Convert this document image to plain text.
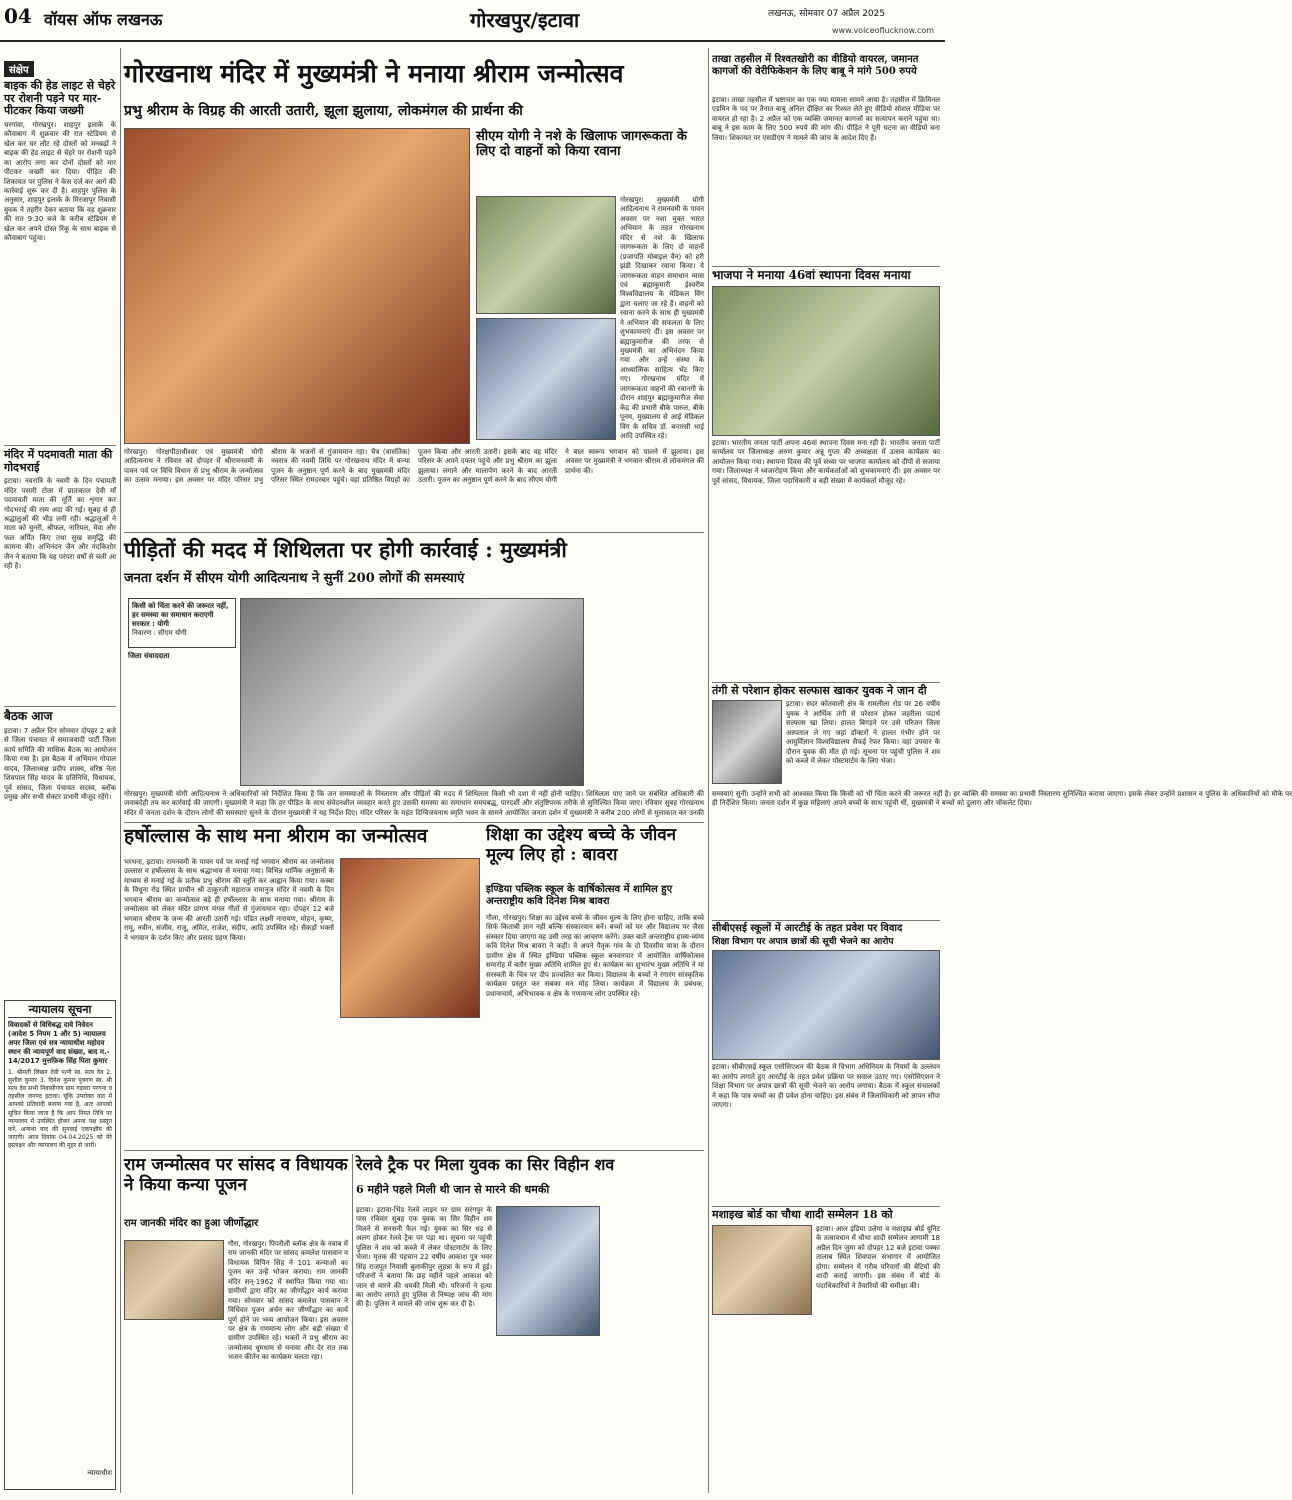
04 वॉयस ऑफ लखनऊ	गोरखपुर/इटावा	लखनऊ, सोमवार 07 अप्रैल 2025
www.voiceoflucknow.com
संक्षेप
बाइक की हेड लाइट से चेहरे पर रोशनी पड़ने पर मार-पीटकर किया जख्मी
चरगांवा, गोरखपुर। शाहपुर इलाके के कौवाबाग में शुक्रवार की रात स्टेडियम से खेल कर घर लौट रहे दोस्तों को मनबढ़ों ने बाइक की हेड लाइट से चेहरे पर रोशनी पड़ने का आरोप लगा कर दोनों दोस्तों को मार पीटकर जख्मी कर दिया। पीड़ित की शिकायत पर पुलिस ने केस दर्ज कर आगे की कार्रवाई शुरू कर दी है। शाहपुर पुलिस के अनुसार, शाहपुर इलाके के मिरजापुर निवासी युवक ने तहरीर देकर बताया कि वह शुक्रवार की रात 9:30 बजे के करीब स्टेडियम से खेल कर अपने दोस्त रिंकू के साथ बाइक से कौवाबाग पहुंचा।
मंदिर में पदमावती माता की गोदभराई
इटावा। नवरात्रि के नवमी के दिन पंचायती मंदिर पसारी टोला में प्रातःकाल देवी माँ पदमावती माता की मूर्ति का शृंगार कर गोदभराई की रस्म अदा की गई। सुबह से ही श्रद्धालुओं की भीड़ लगी रही। श्रद्धालुओं ने माता को चुनरी, श्रीफल, नारियल, मेवा और फल अर्पित किए तथा सुख समृद्धि की कामना की। अभिनंदन जैन और नंदकिशोर जैन ने बताया कि यह परंपरा वर्षों से चली आ रही है।
बैठक आज
इटावा। 7 अप्रैल दिन सोमवार दोपहर 2 बजे से जिला पंचायत में समाजवादी पार्टी जिला कार्य समिति की मासिक बैठक का आयोजन किया गया है। इस बैठक में अभियान गोपाल यादव, जिलाध्यक्ष प्रदीप शाक्य, वरिष्ठ नेता शिवपाल सिंह यादव के प्रतिनिधि, विधायक, पूर्व सांसद, जिला पंचायत सदस्य, ब्लॉक प्रमुख और सभी सेक्टर प्रभारी मौजूद रहेंगे।
न्यायालय सूचना
विवादकों से विधिबद्ध दावे निवेदन (आदेश 5 नियम 1 और 5) न्यायालय अपर जिला एवं सत्र न्यायाधीश महोदय स्थान की न्यायपूर्ण वाद संख्या, बाद म.- 14/2017 मुत्तफ़िक सिंह पिता कुमार
1. श्रीमती लिखन देवी पत्नी स्व. सत्य देव 2. सुशील कुमार 3. दिनेश कुमार पुत्रगण स्व. श्री सत्य देव सभी निवासीगण ग्राम गड़वरा परगना व तहसील जनपद इटावा। चूंकि उपरोक्त वाद में आपको प्रतिवादी बनाया गया है, अतः आपको सूचित किया जाता है कि आप नियत तिथि पर न्यायालय में उपस्थित होकर अपना पक्ष प्रस्तुत करें, अन्यथा वाद की सुनवाई एकपक्षीय की जाएगी। आज दिनांक 04.04.2025 को मेरे हस्ताक्षर और न्यायालय की मुहर से जारी।
न्यायाधीश
गोरखनाथ मंदिर में मुख्यमंत्री ने मनाया श्रीराम जन्मोत्सव
प्रभु श्रीराम के विग्रह की आरती उतारी, झूला झुलाया, लोकमंगल की प्रार्थना की
गोरखपुर। गोरक्षपीठाधीश्वर एवं मुख्यमंत्री योगी आदित्यनाथ ने रविवार को दोपहर में श्रीरामनवमी के पावन पर्व पर विधि विधान से प्रभु श्रीराम के जन्मोत्सव का उत्सव मनाया। इस अवसर पर मंदिर परिसर प्रभु श्रीराम के भजनों से गुंजायमान रहा। चैत्र (वासंतिक) नवरात्र की नवमी तिथि पर गोरखनाथ मंदिर में कन्या पूजन के अनुष्ठान पूर्ण करने के बाद मुख्यमंत्री मंदिर परिसर स्थित रामदरबार पहुंचे। वहां प्रतिष्ठित विग्रहों का पूजन किया और आरती उतारी। इसके बाद वह मंदिर परिसर के अपने दफ्तर पहुंचे और प्रभु श्रीराम का झूला झुलाया। लगाने और मालार्पण करने के बाद आरती उतारी। पूजन का अनुष्ठान पूर्ण करने के बाद सीएम योगी ने बाल स्वरूप भगवान को पालने में झुलाया। इस अवसर पर मुख्यमंत्री ने भगवान श्रीराम से लोकमंगल की प्रार्थना की।
सीएम योगी ने नशे के खिलाफ जागरूकता के लिए दो वाहनों को किया रवाना
गोरखपुर। मुख्यमंत्री योगी आदित्यनाथ ने रामनवमी के पावन अवसर पर नशा मुक्त भारत अभियान के तहत गोरखनाथ मंदिर से नशे के खिलाफ जागरूकता के लिए दो वाहनों (प्रजापति मोबाइल वैन) को हरी झंडी दिखाकर रवाना किया। ये जागरूकता वाहन समाधान न्यास एवं ब्रह्माकुमारी ईश्वरीय विश्वविद्यालय के मेडिकल विंग द्वारा चलाए जा रहे हैं। वाहनों को रवाना करने के साथ ही मुख्यमंत्री ने अभियान की सफलता के लिए शुभकामनाएं दीं। इस अवसर पर ब्रह्माकुमारीज की तरफ से मुख्यमंत्री का अभिनंदन किया गया और उन्हें संस्था के आध्यात्मिक साहित्य भेंट किए गए। गोरखनाथ मंदिर में जागरूकता वाहनों की रवानगी के दौरान शाहपुर ब्रह्माकुमारीज सेवा केंद्र की प्रभारी बीके पारुल, बीके पूनम, मुख्यालय से आई मेडिकल विंग के सचिव डॉ. बनारसी भाई आदि उपस्थित रहे।
पीड़ितों की मदद में शिथिलता पर होगी कार्रवाई : मुख्यमंत्री
जनता दर्शन में सीएम योगी आदित्यनाथ ने सुनीं 200 लोगों की समस्याएं
किसी को चिंता करने की जरूरत नहीं, हर समस्या का समाधान कराएगी सरकार : योगी
निवारण : सीएम योगी
जिला संवाददाता
गोरखपुर। मुख्यमंत्री योगी आदित्यनाथ ने अधिकारियों को निर्देशित किया है कि जन समस्याओं के निस्तारण और पीड़ितों की मदद में शिथिलता किसी भी दशा में नहीं होनी चाहिए। शिथिलता पाए जाने पर संबंधित अधिकारी की जवाबदेही तय कर कार्रवाई की जाएगी। मुख्यमंत्री ने कहा कि हर पीड़ित के साथ संवेदनशील व्यवहार करते हुए उसकी समस्या का समाधान समयबद्ध, पारदर्शी और संतुष्टिपरक तरीके से सुनिश्चित किया जाए। रविवार सुबह गोरखनाथ मंदिर में जनता दर्शन के दौरान लोगों की समस्याएं सुनने के दौरान मुख्यमंत्री ने यह निर्देश दिए। मंदिर परिसर के महंत दिग्विजयनाथ स्मृति भवन के सामने आयोजित जनता दर्शन में मुख्यमंत्री ने करीब 200 लोगों से मुलाकात कर उनकी समस्याएं सुनीं। उन्होंने सभी को आश्वस्त किया कि किसी को भी चिंता करने की जरूरत नहीं है। हर व्यक्ति की समस्या का प्रभावी निस्तारण सुनिश्चित कराया जाएगा। इसके लेकर उन्होंने प्रशासन व पुलिस के अधिकारियों को मौके पर ही निर्देशित किया। जनता दर्शन में कुछ महिलाएं अपने बच्चों के साथ पहुंची थीं, मुख्यमंत्री ने बच्चों को दुलारा और चॉकलेट दिया।
हर्षोल्लास के साथ मना श्रीराम का जन्मोत्सव
भरथना, इटावा। रामनवमी के पावन पर्व पर मनाई गई भगवान श्रीराम का जन्मोत्सव उल्लास व हर्षोल्लास के साथ श्रद्धाभाव से मनाया गया। विभिन्न धार्मिक अनुष्ठानों के माध्यम से मनाई गई के प्रतीक प्रभु श्रीराम की स्तुति कर आह्वान किया गया। कस्बा के विधूना रोड स्थित प्राचीन श्री ठाकुरजी महाराज रामानुज मंदिर में नवमी के दिन भगवान श्रीराम का जन्मोत्सव बड़े ही हर्षोल्लास के साथ मनाया गया। श्रीराम के जन्मोत्सव को लेकर मंदिर प्रांगण मंगल गीतों से गुंजायमान रहा। दोपहर 12 बजे भगवान श्रीराम के जन्म की आरती उतारी गई। पंडित लक्ष्मी नारायण, मोहन, कृष्ण, रामू, नवीन, संजीव, राजू, अमित, राजेश, संदीप, आदि उपस्थित रहे। सैकड़ों भक्तों ने भगवान के दर्शन किए और प्रसाद ग्रहण किया।
शिक्षा का उद्देश्य बच्चे के जीवन मूल्य लिए हो : बावरा
इण्डिया पब्लिक स्कूल के वार्षिकोत्सव में शामिल हुए अन्तराष्ट्रीय कवि दिनेश मिश्र बावरा
गौला, गोरखपुर। शिक्षा का उद्देश्य बच्चे के जीवन मूल्य के लिए होना चाहिए, ताकि बच्चे सिर्फ किताबी ज्ञान नहीं बल्कि संस्कारवान बनें। बच्चों को घर और विद्यालय पर जैसा संस्कार दिया जाएगा वह उसी तरह का आचरण करेंगे। उक्त बातें अन्तराष्ट्रीय हास्य-व्यंग्य कवि दिनेश मिश्र बावरा ने कहीं। वे अपने पैतृक गांव के दो दिवसीय यात्रा के दौरान ग्रामीण क्षेत्र में स्थित इण्डिया पब्लिक स्कूल बनवारपार में आयोजित वार्षिकोत्सव समारोह में बतौर मुख्य अतिथि शामिल हुए थे। कार्यक्रम का शुभारंभ मुख्य अतिथि ने मां सरस्वती के चित्र पर दीप प्रज्वलित कर किया। विद्यालय के बच्चों ने रंगारंग सांस्कृतिक कार्यक्रम प्रस्तुत कर सबका मन मोह लिया। कार्यक्रम में विद्यालय के प्रबंधक, प्रधानाचार्य, अभिभावक व क्षेत्र के गणमान्य लोग उपस्थित रहे।
राम जन्मोत्सव पर सांसद व विधायक ने किया कन्या पूजन
राम जानकी मंदिर का हुआ जीर्णोद्धार
गौरा, गोरखपुर। पिपरौली ब्लॉक क्षेत्र के नवाब में राम जानकी मंदिर पर सांसद कमलेश पासवान व विधायक विपिन सिंह ने 101 कन्याओं का पूजन कर उन्हें भोजन कराया। राम जानकी मंदिर सन्-1962 में स्थापित किया गया था। ग्रामीणों द्वारा मंदिर का जीर्णोद्धार कार्य कराया गया। सोमवार को सांसद कमलेश पासवान ने विधिवत पूजन अर्चन कर जीर्णोद्धार का कार्य पूर्ण होने पर भव्य आयोजन किया। इस अवसर पर क्षेत्र के गणमान्य लोग और बड़ी संख्या में ग्रामीण उपस्थित रहे। भक्तों ने प्रभु श्रीराम का जन्मोत्सव धूमधाम से मनाया और देर रात तक भजन कीर्तन का कार्यक्रम चलता रहा।
रेलवे ट्रैक पर मिला युवक का सिर विहीन शव
6 महीने पहले मिली थी जान से मारने की धमकी
इटावा। इटावा-भिंड रेलवे लाइन पर ग्राम सरंगपुर के पास रविवार सुबह एक युवक का सिर विहीन शव मिलने से सनसनी फैल गई। युवक का सिर धड़ से अलग होकर रेलवे ट्रैक पर पड़ा था। सूचना पर पहुंची पुलिस ने शव को कब्जे में लेकर पोस्टमार्टम के लिए भेजा। मृतक की पहचान 22 वर्षीय आकाश पुत्र भवर सिंह राजपूत निवासी बुलाकीपुर लुहन्ना के रूप में हुई। परिजनों ने बताया कि छह महीने पहले आकाश को जान से मारने की धमकी मिली थी। परिजनों ने हत्या का आरोप लगाते हुए पुलिस से निष्पक्ष जांच की मांग की है। पुलिस ने मामले की जांच शुरू कर दी है।
ताखा तहसील में रिश्वतखोरी का वीडियो वायरल, जमानत कागजों की वेरीफिकेशन के लिए बाबू ने मांगे 500 रुपये
इटावा। ताखा तहसील में भ्रष्टाचार का एक नया मामला सामने आया है। तहसील में क्रिमिनल एडमिन के पद पर तैनात बाबू अनिल दीक्षित का रिश्वत लेते हुए वीडियो सोशल मीडिया पर वायरल हो रहा है। 2 अप्रैल को एक व्यक्ति जमानत कागजों का सत्यापन कराने पहुंचा था। बाबू ने इस काम के लिए 500 रुपये की मांग की। पीड़ित ने पूरी घटना का वीडियो बना लिया। शिकायत पर एसडीएम ने मामले की जांच के आदेश दिए हैं।
भाजपा ने मनाया 46वां स्थापना दिवस मनाया
इटावा। भारतीय जनता पार्टी अपना 46वां स्थापना दिवस मना रही है। भारतीय जनता पार्टी कार्यालय पर जिलाध्यक्ष अरुण कुमार अन्नू गुप्ता की अध्यक्षता में उत्सव कार्यक्रम का आयोजन किया गया। स्थापना दिवस की पूर्व संध्या पर भाजपा कार्यालय को दीपों से सजाया गया। जिलाध्यक्ष ने ध्वजारोहण किया और कार्यकर्ताओं को शुभकामनाएं दीं। इस अवसर पर पूर्व सांसद, विधायक, जिला पदाधिकारी व बड़ी संख्या में कार्यकर्ता मौजूद रहे।
तंगी से परेशान होकर सल्फास खाकर युवक ने जान दी
इटावा। सदर कोतवाली क्षेत्र के रामलीला रोड पर 26 वर्षीय युवक ने आर्थिक तंगी से परेशान होकर जहरीला पदार्थ सल्फास खा लिया। हालत बिगड़ने पर उसे परिजन जिला अस्पताल ले गए जहां डॉक्टरों ने हालत गंभीर होने पर आयुर्विज्ञान विश्वविद्यालय सैफई रेफर किया। वहां उपचार के दौरान युवक की मौत हो गई। सूचना पर पहुंची पुलिस ने शव को कब्जे में लेकर पोस्टमार्टम के लिए भेजा।
सीबीएसई स्कूलों में आरटीई के तहत प्रवेश पर विवाद
शिक्षा विभाग पर अपात्र छात्रों की सूची भेजने का आरोप
इटावा। सीबीएसई स्कूल एसोसिएशन की बैठक में विभाग अधिनियम के नियमों के उल्लंघन का आरोप लगाते हुए आरटीई के तहत प्रवेश प्रक्रिया पर सवाल उठाए गए। एसोसिएशन ने शिक्षा विभाग पर अपात्र छात्रों की सूची भेजने का आरोप लगाया। बैठक में स्कूल संचालकों ने कहा कि पात्र बच्चों का ही प्रवेश होना चाहिए। इस संबंध में जिलाधिकारी को ज्ञापन सौंपा जाएगा।
मशाइख बोर्ड का चौथा शादी सम्मेलन 18 को
इटावा। आल इंडिया उलेमा व मशाइख बोर्ड यूनिट के तत्वावधान में चौथा शादी सम्मेलन आगामी 18 अप्रैल दिन जुमा को दोपहर 12 बजे इटावा पक्का तालाब स्थित शिवपाल सभागार में आयोजित होगा। सम्मेलन में गरीब परिवारों की बेटियों की शादी कराई जाएगी। इस संबंध में बोर्ड के पदाधिकारियों ने तैयारियों की समीक्षा की।
